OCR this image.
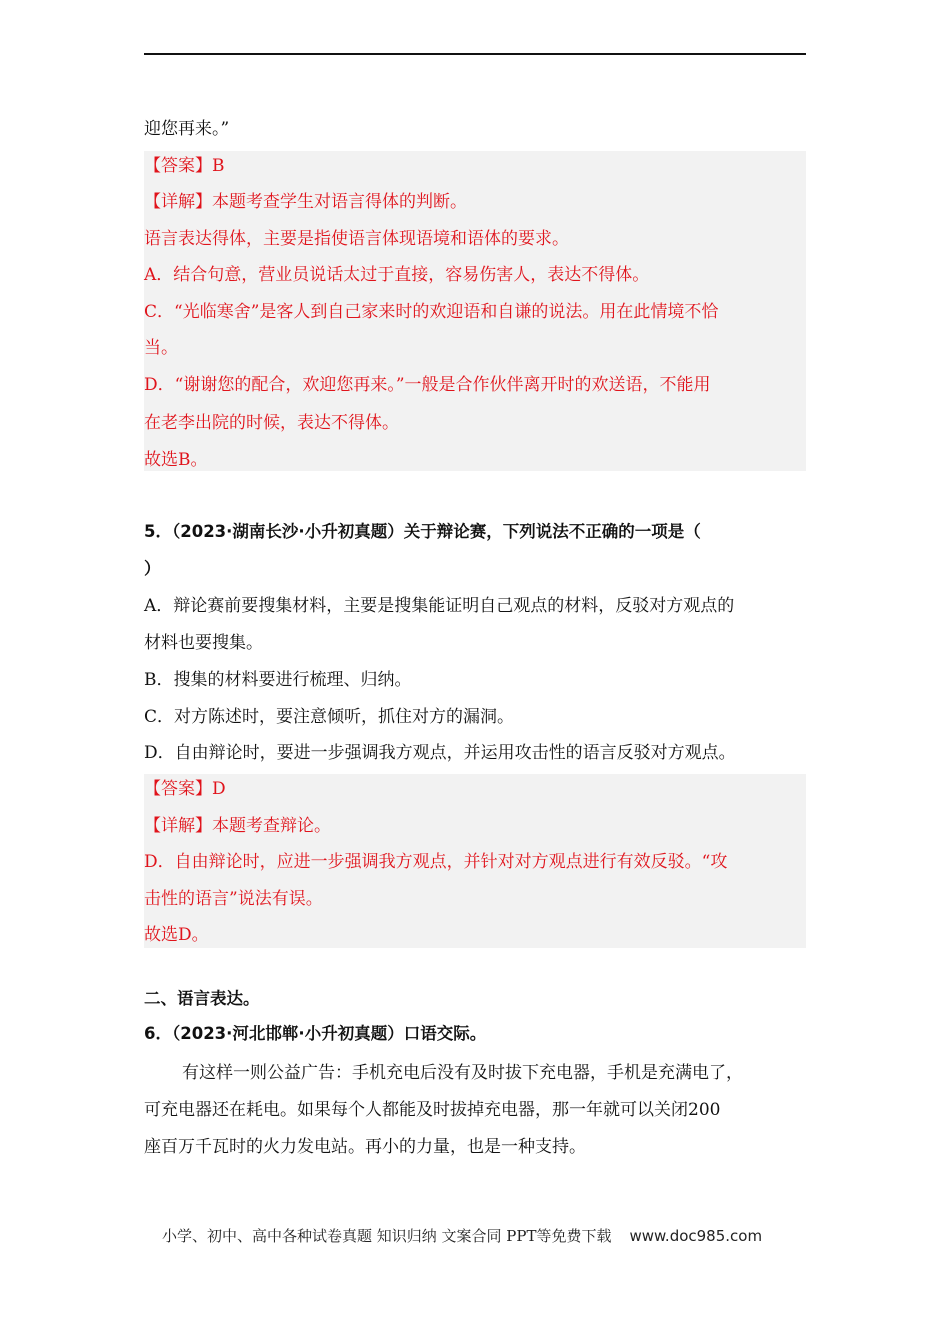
迎您再来。”
【答案】B
【详解】本题考查学生对语言得体的判断。
语言表达得体，主要是指使语言体现语境和语体的要求。
A．结合句意，营业员说话太过于直接，容易伤害人，表达不得体。
C．“光临寒舍”是客人到自己家来时的欢迎语和自谦的说法。用在此情境不恰
当。
D．“谢谢您的配合，欢迎您再来。”一般是合作伙伴离开时的欢送语，不能用
在老李出院的时候，表达不得体。
故选B。
5．（2023·湖南长沙·小升初真题）关于辩论赛，下列说法不正确的一项是（
）
A．辩论赛前要搜集材料，主要是搜集能证明自己观点的材料，反驳对方观点的
材料也要搜集。
B．搜集的材料要进行梳理、归纳。
C．对方陈述时，要注意倾听，抓住对方的漏洞。
D．自由辩论时，要进一步强调我方观点，并运用攻击性的语言反驳对方观点。
【答案】D
【详解】本题考查辩论。
D．自由辩论时，应进一步强调我方观点，并针对对方观点进行有效反驳。“攻
击性的语言”说法有误。
故选D。
二、语言表达。
6．（2023·河北邯郸·小升初真题）口语交际。
有这样一则公益广告：手机充电后没有及时拔下充电器，手机是充满电了，
可充电器还在耗电。如果每个人都能及时拔掉充电器，那一年就可以关闭200
座百万千瓦时的火力发电站。再小的力量，也是一种支持。
小学、初中、高中各种试卷真题 知识归纳 文案合同 PPT等免费下载 www.doc985.com
